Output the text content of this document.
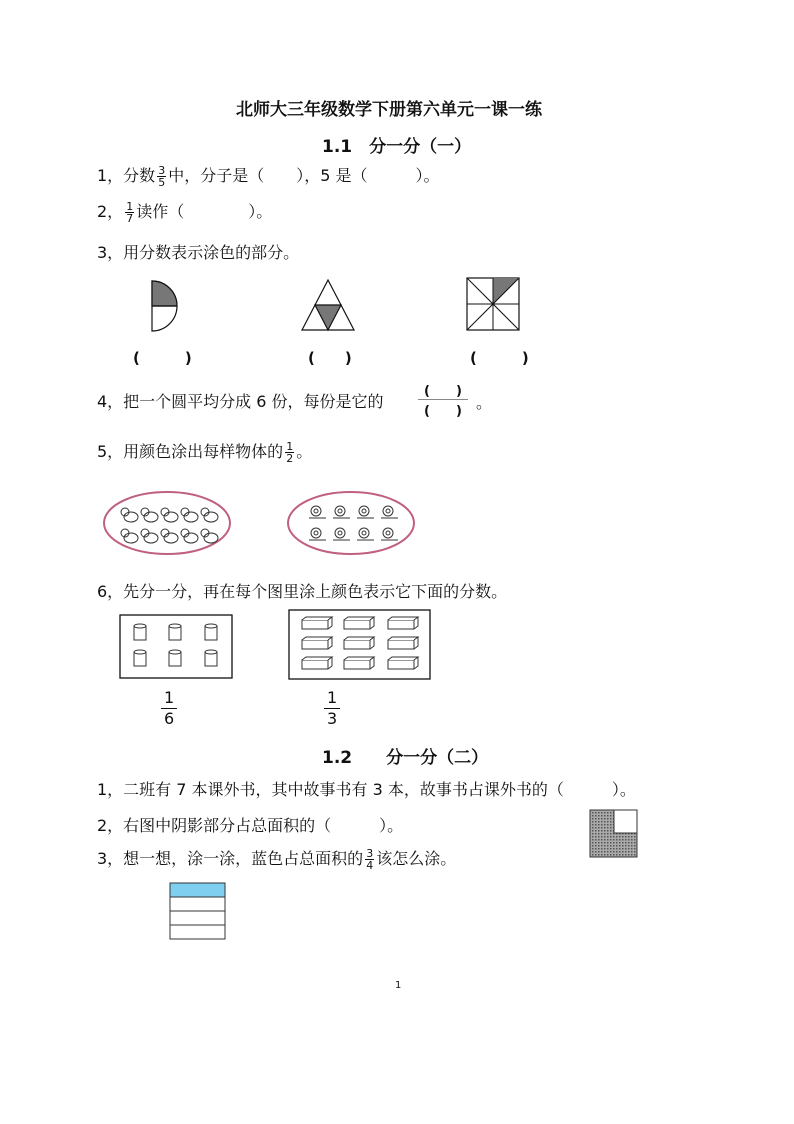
北师大三年级数学下册第六单元一课一练
1.1　分一分（一）
1，分数 $\frac{3}{5}$ 中，分子是（　　），5 是（　　　）。
2， $\frac{1}{7}$ 读作（　　　　）。
3，用分数表示涂色的部分。
(　　　)	(　　)	(　　　)
4，把一个圆平均分成 6 份，每份是它的
(　　)
(　　) 。
5，用颜色涂出每样物体的 $\frac{1}{2}$ 。
6，先分一分，再在每个图里涂上颜色表示它下面的分数。
1
6
1
3
1.2　　分一分（二）
1，二班有 7 本课外书，其中故事书有 3 本，故事书占课外书的（　　　）。
2，右图中阴影部分占总面积的（　　　）。
3，想一想，涂一涂，蓝色占总面积的 $\frac{3}{4}$ 该怎么涂。
1
